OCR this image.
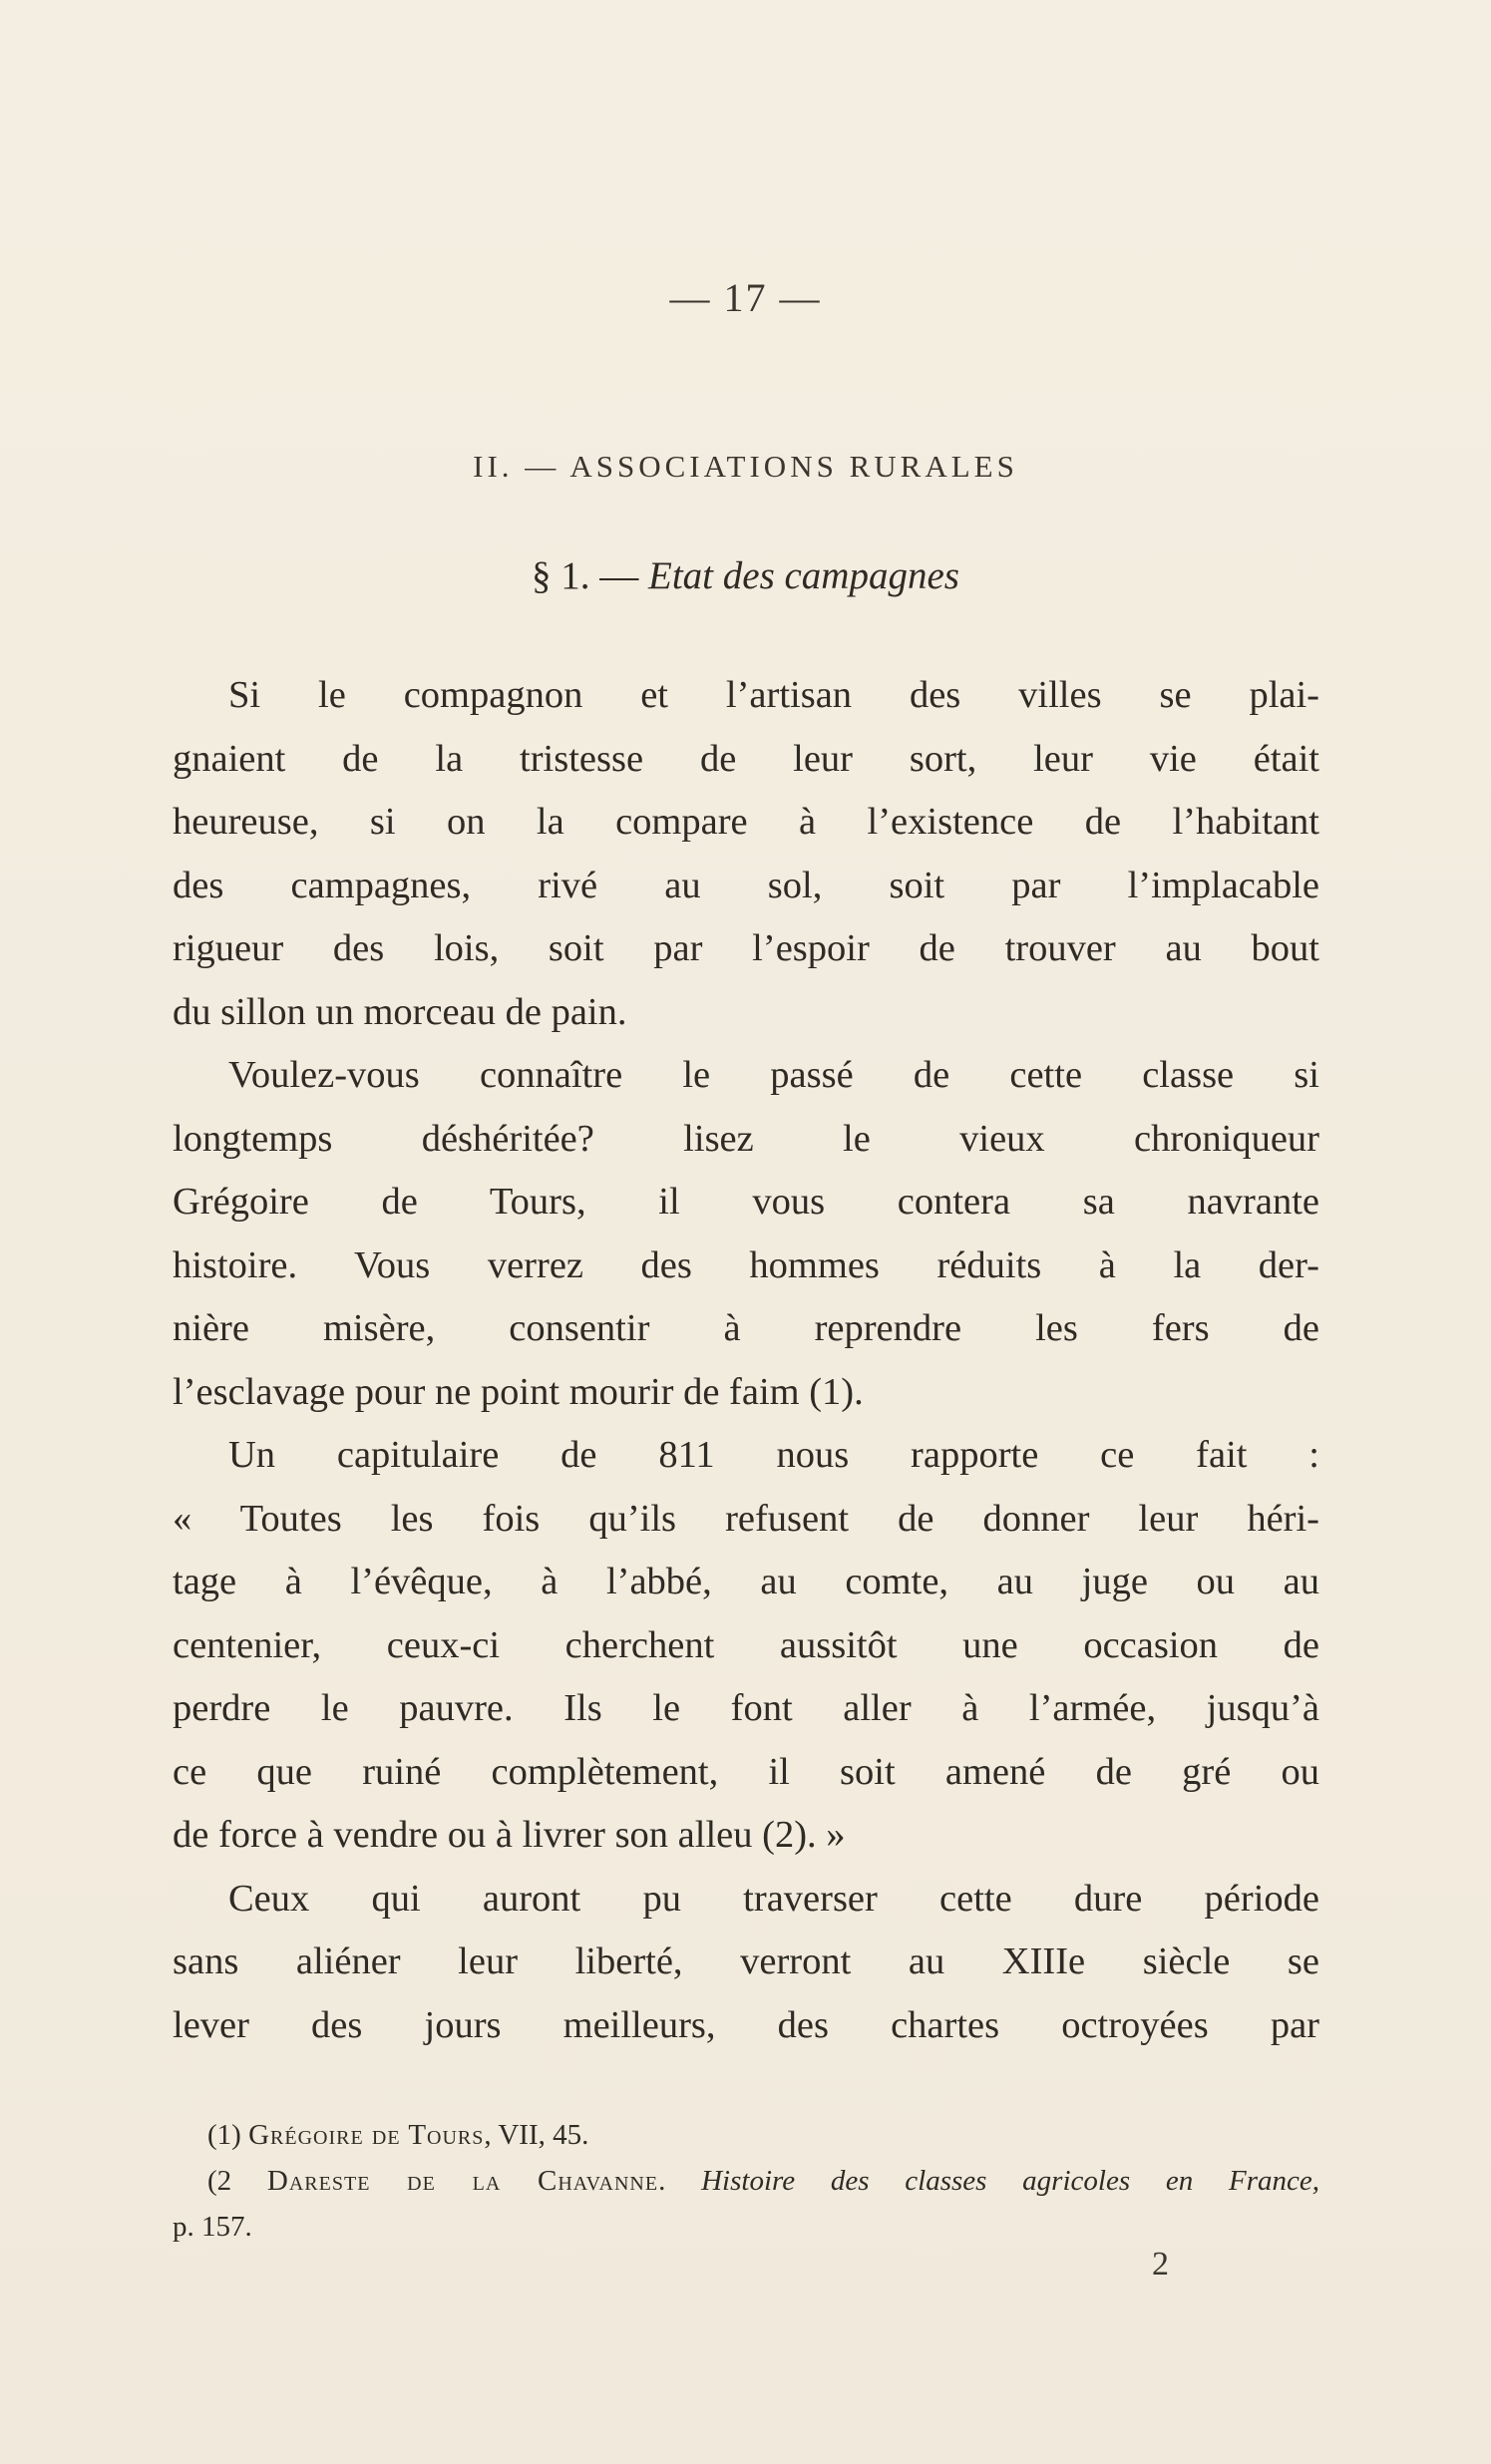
— 17 —
II. — ASSOCIATIONS RURALES
§ 1. — Etat des campagnes
Si le compagnon et l’artisan des villes se plai-
gnaient de la tristesse de leur sort, leur vie était
heureuse, si on la compare à l’existence de l’habitant
des campagnes, rivé au sol, soit par l’implacable
rigueur des lois, soit par l’espoir de trouver au bout
du sillon un morceau de pain.
Voulez-vous connaître le passé de cette classe si
longtemps déshéritée? lisez le vieux chroniqueur
Grégoire de Tours, il vous contera sa navrante
histoire. Vous verrez des hommes réduits à la der-
nière misère, consentir à reprendre les fers de
l’esclavage pour ne point mourir de faim (1).
Un capitulaire de 811 nous rapporte ce fait :
« Toutes les fois qu’ils refusent de donner leur héri-
tage à l’évêque, à l’abbé, au comte, au juge ou au
centenier, ceux-ci cherchent aussitôt une occasion de
perdre le pauvre. Ils le font aller à l’armée, jusqu’à
ce que ruiné complètement, il soit amené de gré ou
de force à vendre ou à livrer son alleu (2). »
Ceux qui auront pu traverser cette dure période
sans aliéner leur liberté, verront au XIIIe siècle se
lever des jours meilleurs, des chartes octroyées par
(1) Grégoire de Tours, VII, 45.
(2 Dareste de la Chavanne. Histoire des classes agricoles en France,
p. 157.
2
